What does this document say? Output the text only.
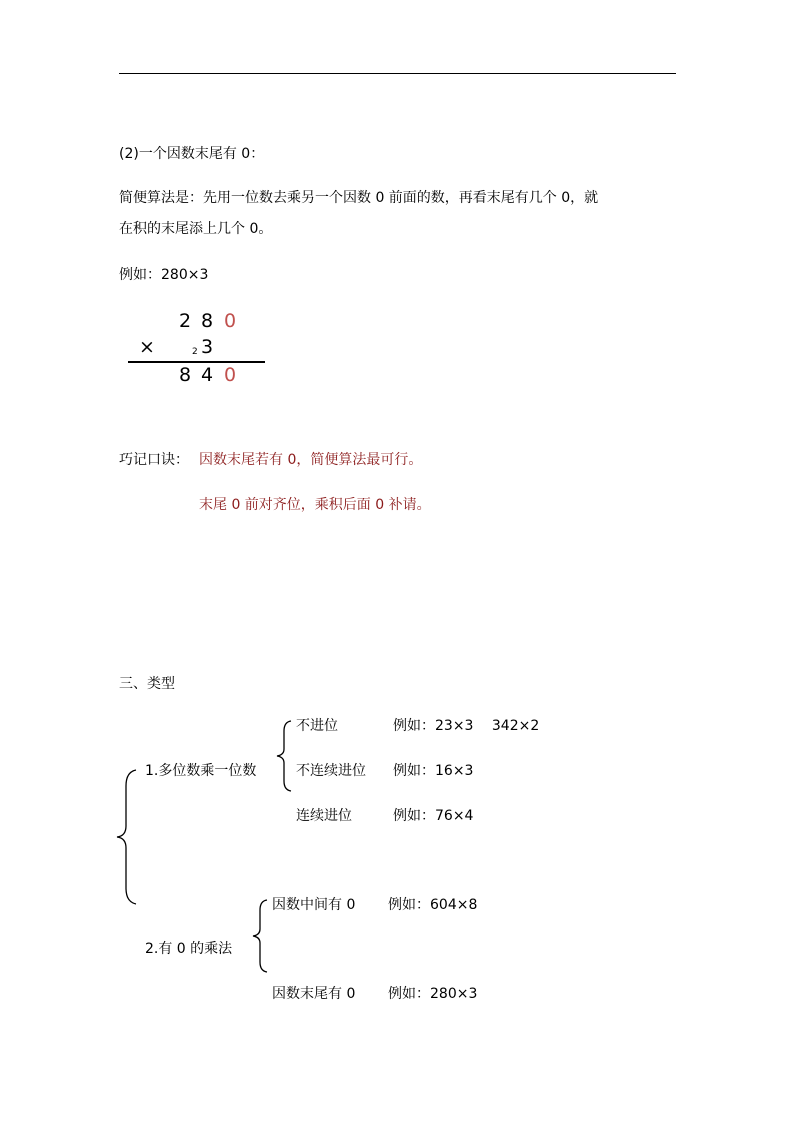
(2)一个因数末尾有 0：
简便算法是：先用一位数去乘另一个因数 0 前面的数，再看末尾有几个 0，就
在积的末尾添上几个 0。
例如：280×3
2 8 0
×	2 3
8 4 0
巧记口诀： 因数末尾若有 0，简便算法最可行。
末尾 0 前对齐位，乘积后面 0 补请。
三、类型
1.多位数乘一位数
不进位	例如：23×3　 342×2
不连续进位 例如：16×3
连续进位	例如：76×4
2.有 0 的乘法
因数中间有 0 例如：604×8
因数末尾有 0 例如：280×3
